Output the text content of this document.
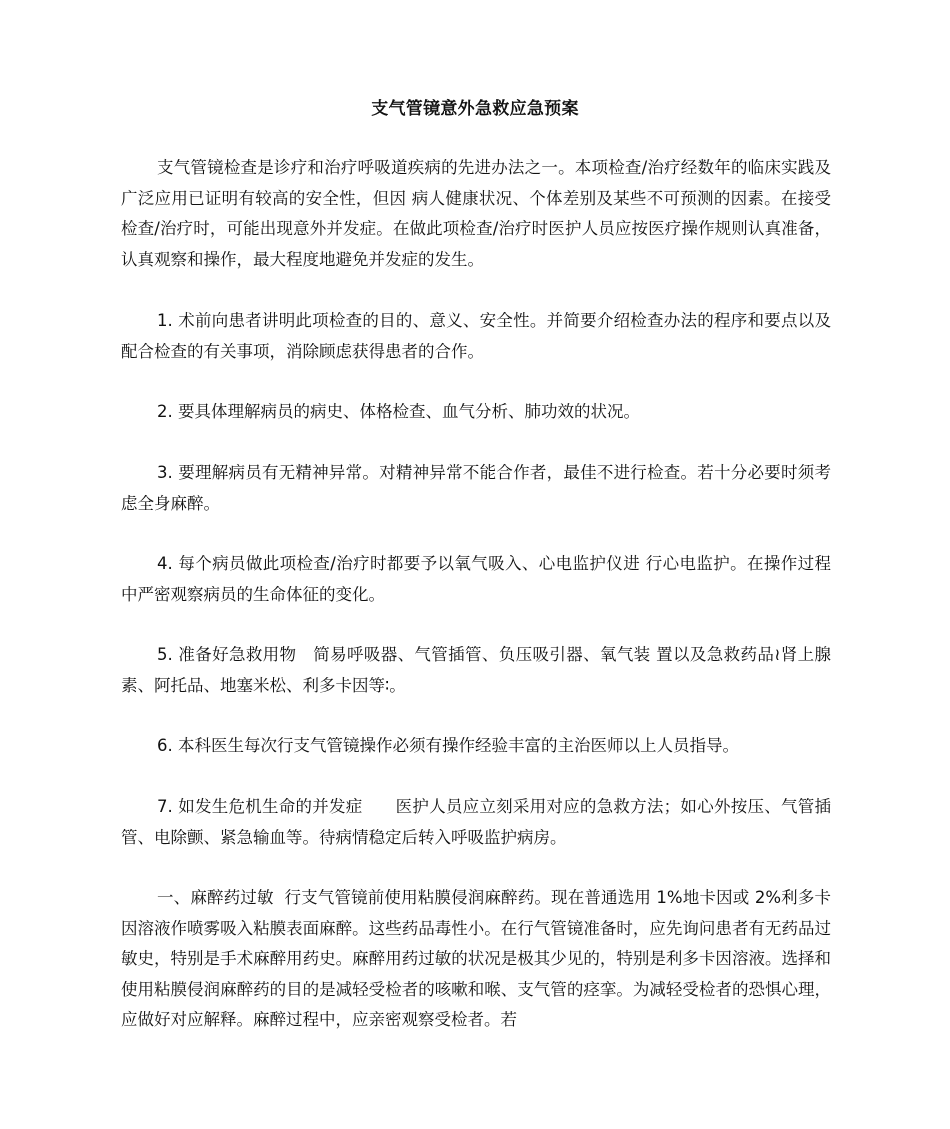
支气管镜意外急救应急预案

支气管镜检查是诊疗和治疗呼吸道疾病的先进办法之一。本项检查/治疗经数年的临床实践及广泛应用已证明有较高的安全性，但因 病人健康状况、个体差别及某些不可预测的因素。在接受检查/治疗时，可能出现意外并发症。在做此项检查/治疗时医护人员应按医疗操作规则认真准备，认真观察和操作，最大程度地避免并发症的发生。

1. 术前向患者讲明此项检查的目的、意义、安全性。并简要介绍检查办法的程序和要点以及配合检查的有关事项，消除顾虑获得患者的合作。

2. 要具体理解病员的病史、体格检查、血气分析、肺功效的状况。

3. 要理解病员有无精神异常。对精神异常不能合作者，最佳不进行检查。若十分必要时须考虑全身麻醉。

4. 每个病员做此项检查/治疗时都要予以氧气吸入、心电监护仪进 行心电监护。在操作过程中严密观察病员的生命体征的变化。

5. 准备好急救用物   简易呼吸器、气管插管、负压吸引器、氧气装 置以及急救药品≀肾上腺素、阿托品、地塞米松、利多卡因等∶。

6. 本科医生每次行支气管镜操作必须有操作经验丰富的主治医师以上人员指导。

7. 如发生危机生命的并发症      医护人员应立刻采用对应的急救方法；如心外按压、气管插管、电除颤、紧急输血等。待病情稳定后转入呼吸监护病房。

一、麻醉药过敏  行支气管镜前使用粘膜侵润麻醉药。现在普通选用 1%地卡因或 2%利多卡因溶液作喷雾吸入粘膜表面麻醉。这些药品毒性小。在行气管镜准备时，应先询问患者有无药品过敏史，特别是手术麻醉用药史。麻醉用药过敏的状况是极其少见的，特别是利多卡因溶液。选择和使用粘膜侵润麻醉药的目的是减轻受检者的咳嗽和喉、支气管的痉挛。为减轻受检者的恐惧心理，应做好对应解释。麻醉过程中，应亲密观察受检者。若
